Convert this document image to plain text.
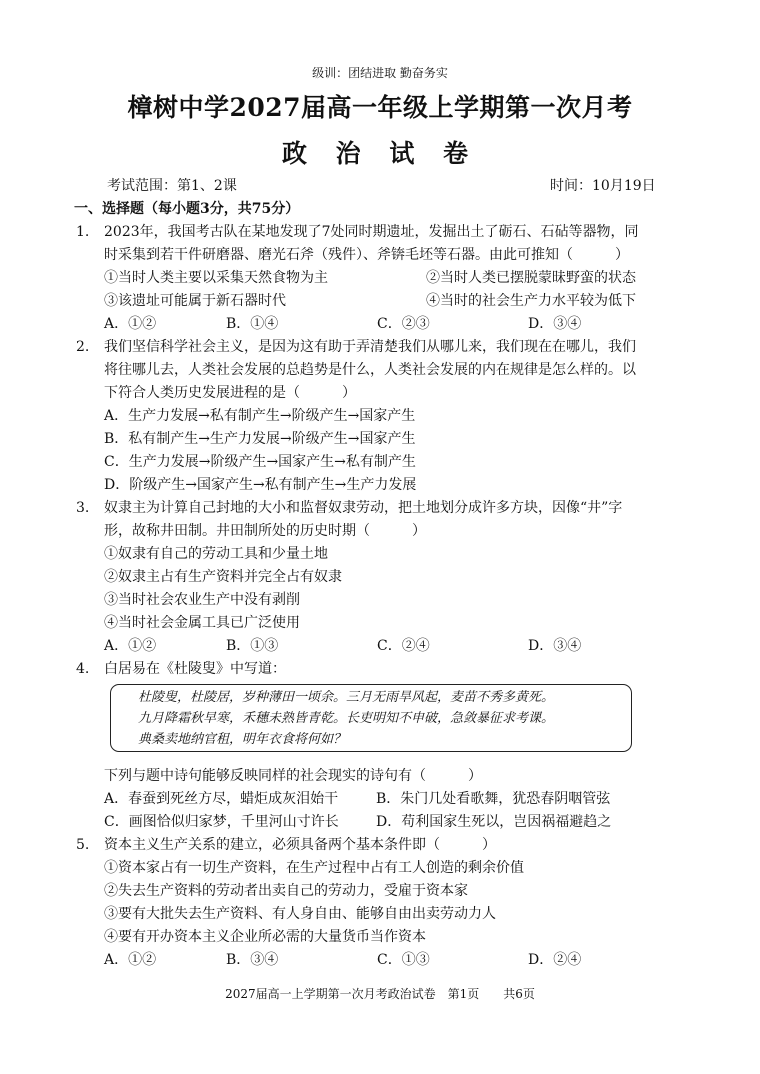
级训：团结进取 勤奋务实
樟树中学2027届高一年级上学期第一次月考
政 治 试 卷
考试范围：第1、2课	时间：10月19日
一、选择题（每小题3分，共75分）
1. 2023年，我国考古队在某地发现了7处同时期遗址，发掘出土了砺石、石砧等器物，同
时采集到若干件研磨器、磨光石斧（残件）、斧锛毛坯等石器。由此可推知（　　　）
①当时人类主要以采集天然食物为主	②当时人类已摆脱蒙昧野蛮的状态
③该遗址可能属于新石器时代	④当时的社会生产力水平较为低下
A．①②	B．①④	C．②③	D．③④
2. 我们坚信科学社会主义，是因为这有助于弄清楚我们从哪儿来，我们现在在哪儿，我们
将往哪儿去，人类社会发展的总趋势是什么，人类社会发展的内在规律是怎么样的。以
下符合人类历史发展进程的是（　　　）
A．生产力发展→私有制产生→阶级产生→国家产生
B．私有制产生→生产力发展→阶级产生→国家产生
C．生产力发展→阶级产生→国家产生→私有制产生
D．阶级产生→国家产生→私有制产生→生产力发展
3. 奴隶主为计算自己封地的大小和监督奴隶劳动，把土地划分成许多方块，因像“井”字
形，故称井田制。井田制所处的历史时期（　　　）
①奴隶有自己的劳动工具和少量土地
②奴隶主占有生产资料并完全占有奴隶
③当时社会农业生产中没有剥削
④当时社会金属工具已广泛使用
A．①②	B．①③	C．②④	D．③④
4. 白居易在《杜陵叟》中写道：
杜陵叟，杜陵居，岁种薄田一顷余。三月无雨旱风起，麦苗不秀多黄死。
九月降霜秋早寒，禾穗未熟皆青乾。长吏明知不申破，急敛暴征求考课。
典桑卖地纳官租，明年衣食将何如？
下列与题中诗句能够反映同样的社会现实的诗句有（　　　）
A．春蚕到死丝方尽，蜡炬成灰泪始干	B．朱门几处看歌舞，犹恐春阴咽管弦
C．画图恰似归家梦，千里河山寸许长	D．苟利国家生死以，岂因祸福避趋之
5. 资本主义生产关系的建立，必须具备两个基本条件即（　　　）
①资本家占有一切生产资料，在生产过程中占有工人创造的剩余价值
②失去生产资料的劳动者出卖自己的劳动力，受雇于资本家
③要有大批失去生产资料、有人身自由、能够自由出卖劳动力人
④要有开办资本主义企业所必需的大量货币当作资本
A．①②	B．③④	C．①③	D．②④
2027届高一上学期第一次月考政治试卷　第1页　　共6页
